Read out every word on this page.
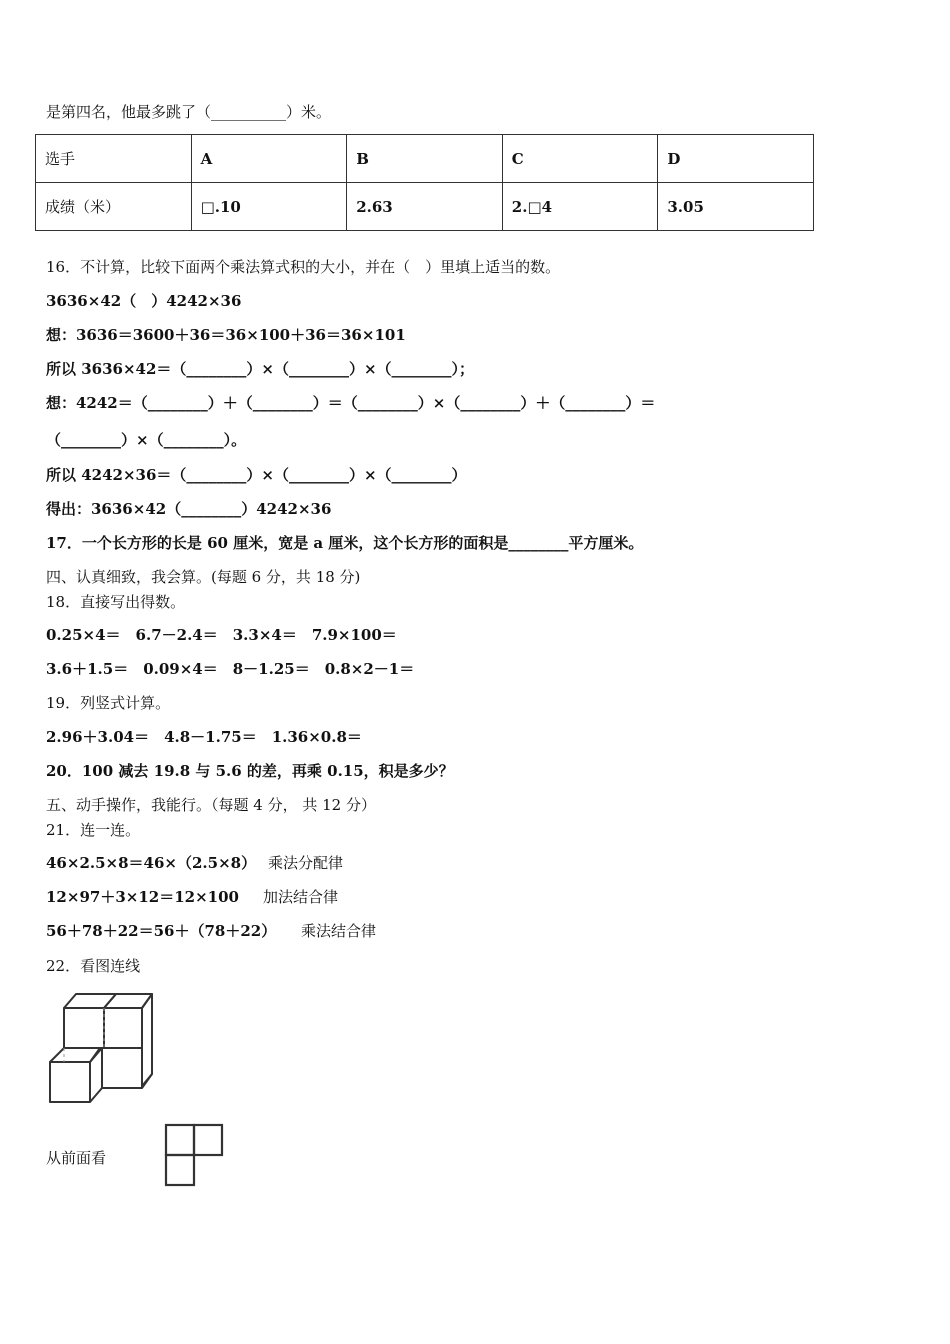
是第四名，他最多跳了（__________）米。
选手	A	B	C	D
成绩（米）	□.10	2.63	2.□4	3.05
16．不计算，比较下面两个乘法算式积的大小，并在（　）里填上适当的数。
3636×42（　）4242×36
想：3636＝3600＋36＝36×100＋36＝36×101
所以 3636×42＝（________）×（________）×（________）；
想：4242＝（________）＋（________）＝（________）×（________）＋（________）＝
（________）×（________）。
所以 4242×36＝（________）×（________）×（________）
得出：3636×42（________）4242×36
17．一个长方形的长是 60 厘米，宽是 a 厘米，这个长方形的面积是________平方厘米。
四、认真细致，我会算。(每题 6 分，共 18 分)
18．直接写出得数。
0.25×4＝　6.7－2.4＝　3.3×4＝　7.9×100＝
3.6＋1.5＝　0.09×4＝　8－1.25＝　0.8×2－1＝
19．列竖式计算。
2.96＋3.04＝　4.8－1.75＝　1.36×0.8＝
20．100 减去 19.8 与 5.6 的差，再乘 0.15，积是多少？
五、动手操作，我能行。（每题 4 分， 共 12 分）
21．连一连。
46×2.5×8＝46×（2.5×8） 乘法分配律
12×97＋3×12＝12×100 加法结合律
56＋78＋22＝56＋（78＋22） 乘法结合律
22．看图连线
从前面看
